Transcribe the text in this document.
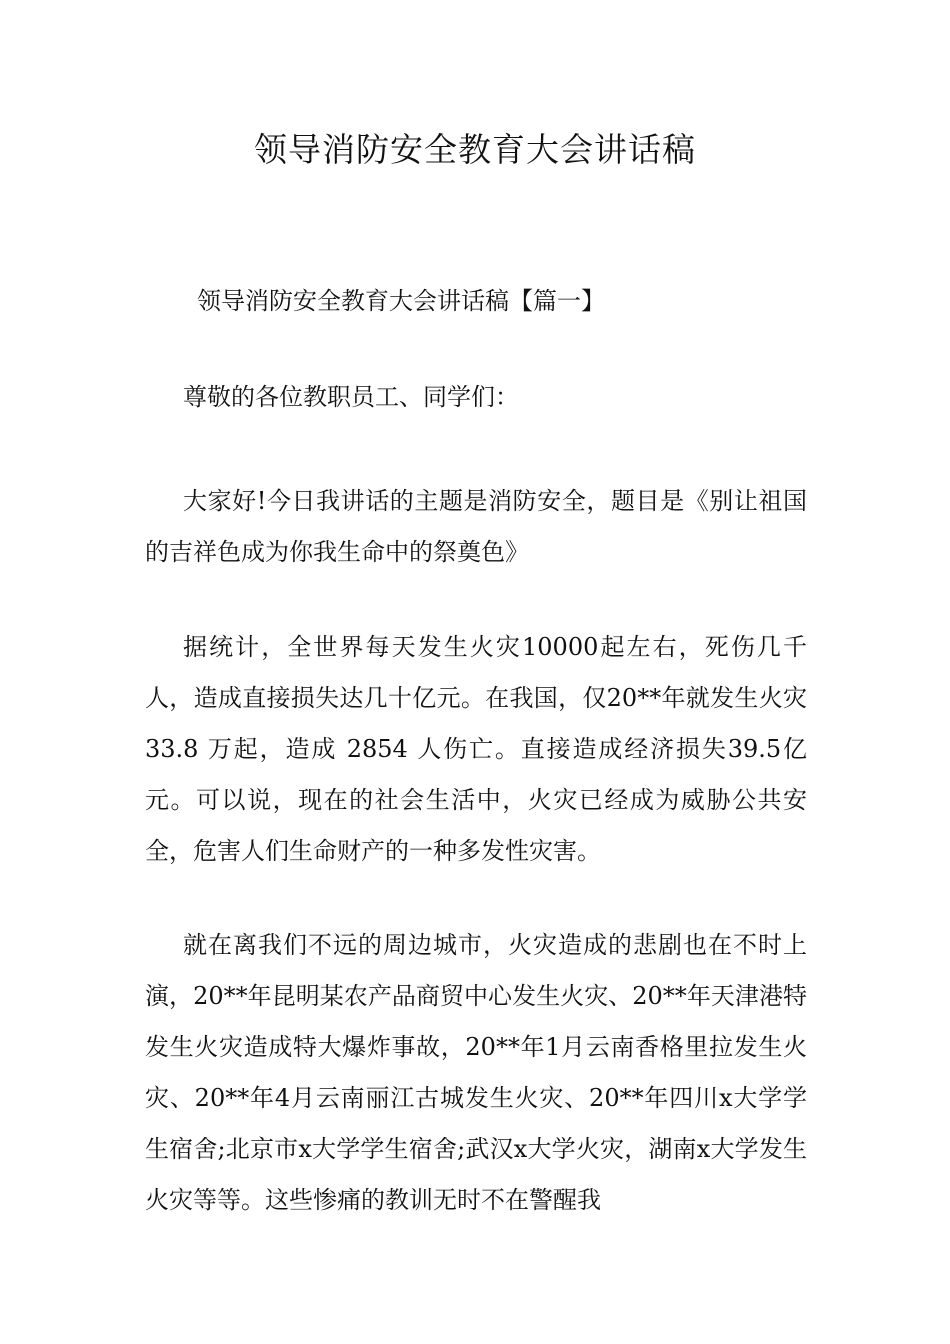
领导消防安全教育大会讲话稿

领导消防安全教育大会讲话稿【篇一】

尊敬的各位教职员工、同学们：

大家好!今日我讲话的主题是消防安全，题目是《别让祖国的吉祥色成为你我生命中的祭奠色》

据统计，全世界每天发生火灾10000起左右，死伤几千人，造成直接损失达几十亿元。在我国，仅20**年就发生火灾 33.8 万起，造成 2854 人伤亡。直接造成经济损失39.5亿元。可以说，现在的社会生活中，火灾已经成为威胁公共安全，危害人们生命财产的一种多发性灾害。

就在离我们不远的周边城市，火灾造成的悲剧也在不时上演，20**年昆明某农产品商贸中心发生火灾、20**年天津港特发生火灾造成特大爆炸事故，20**年1月云南香格里拉发生火灾、20**年4月云南丽江古城发生火灾、20**年四川x大学学生宿舍;北京市x大学学生宿舍;武汉x大学火灾，湖南x大学发生火灾等等。这些惨痛的教训无时不在警醒我
